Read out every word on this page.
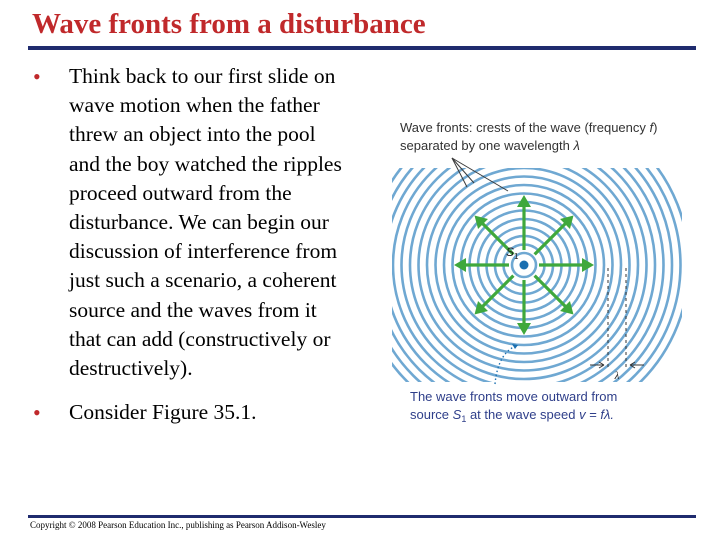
Wave fronts from a disturbance
• Think back to our first slide on
wave motion when the father
threw an object into the pool
and the boy watched the ripples
proceed outward from the
disturbance. We can begin our
discussion of interference from
just such a scenario, a coherent
source and the waves from it
that can add (constructively or
destructively).
• Consider Figure 35.1.
$S_1$
λ
Wave fronts: crests of the wave (frequency f)
separated by one wavelength λ
The wave fronts move outward from
source $S_1$ at the wave speed v = fλ.
Copyright © 2008 Pearson Education Inc., publishing as Pearson Addison-Wesley
